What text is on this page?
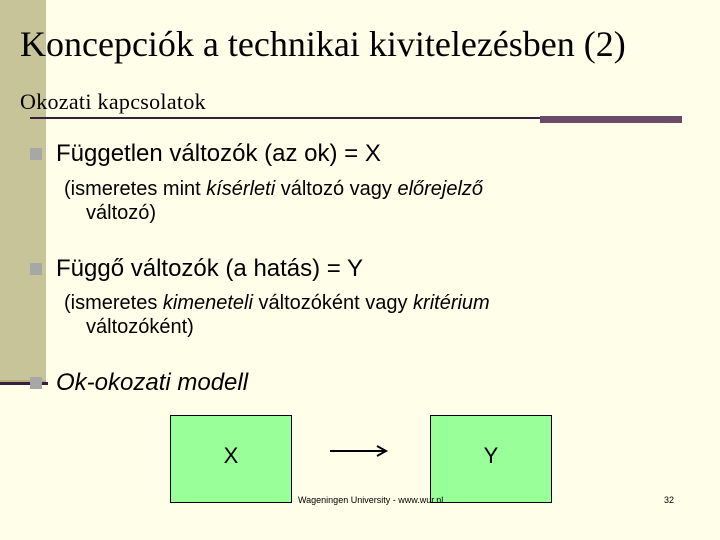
Koncepciók a technikai kivitelezésben (2)
Okozati kapcsolatok
Független változók (az ok) = X
(ismeretes mint kísérleti változó vagy előrejelző
változó)
Függő változók (a hatás) = Y
(ismeretes kimeneteli változóként vagy kritérium
változóként)
Ok-okozati modell
X	Y
Wageningen University - www.wur.nl	32
